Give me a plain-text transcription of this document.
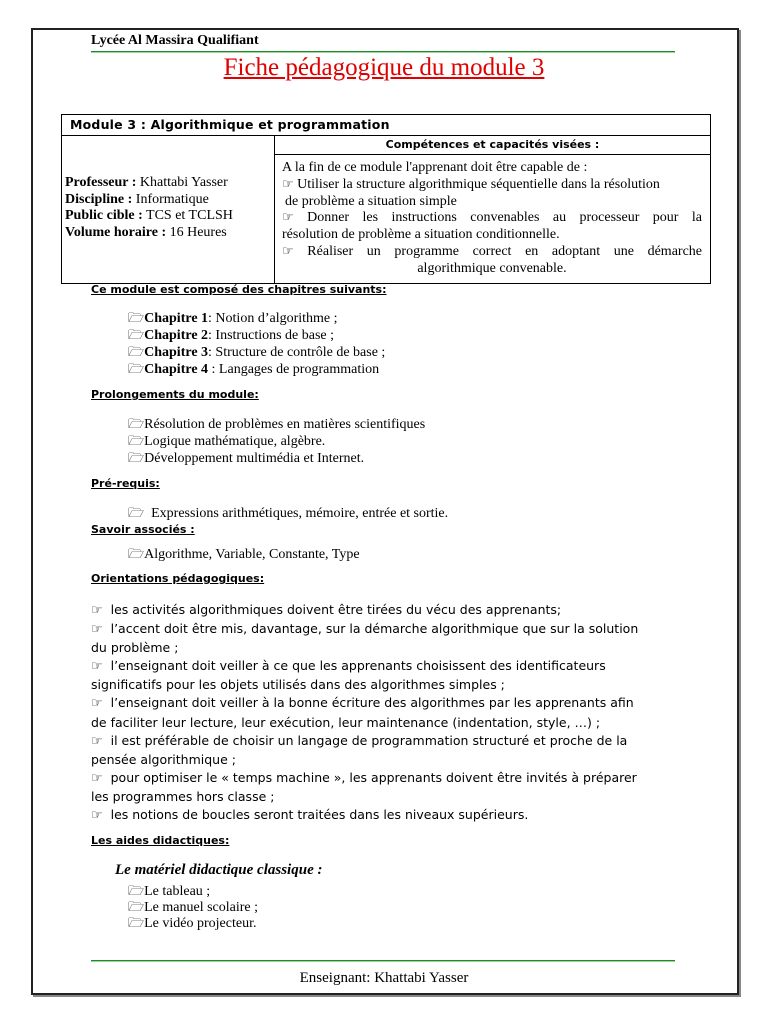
Lycée Al Massira Qualifiant
Fiche pédagogique du module 3
Module 3 : Algorithmique et programmation
Compétences et capacités visées :
Professeur : Khattabi Yasser
Discipline : Informatique
Public cible : TCS et TCLSH
Volume horaire : 16 Heures
A la fin de ce module l'apprenant doit être capable de :
☞ Utiliser la structure algorithmique séquentielle dans la résolution
de problème a situation simple
☞ Donner les instructions convenables au processeur pour la
résolution de problème a situation conditionnelle.
☞ Réaliser un programme correct en adoptant une démarche
algorithmique convenable.
Ce module est composé des chapitres suivants:
🗁Chapitre 1: Notion d’algorithme ;
🗁Chapitre 2: Instructions de base ;
🗁Chapitre 3: Structure de contrôle de base ;
🗁Chapitre 4 : Langages de programmation
Prolongements du module:
🗁Résolution de problèmes en matières scientifiques
🗁Logique mathématique, algèbre.
🗁Développement multimédia et Internet.
Pré-requis:
🗁 Expressions arithmétiques, mémoire, entrée et sortie.
Savoir associés :
🗁Algorithme, Variable, Constante, Type
Orientations pédagogiques:
☞ les activités algorithmiques doivent être tirées du vécu des apprenants;
☞ l’accent doit être mis, davantage, sur la démarche algorithmique que sur la solution
du problème ;
☞ l’enseignant doit veiller à ce que les apprenants choisissent des identificateurs
significatifs pour les objets utilisés dans des algorithmes simples ;
☞ l’enseignant doit veiller à la bonne écriture des algorithmes par les apprenants afin
de faciliter leur lecture, leur exécution, leur maintenance (indentation, style, …) ;
☞ il est préférable de choisir un langage de programmation structuré et proche de la
pensée algorithmique ;
☞ pour optimiser le « temps machine », les apprenants doivent être invités à préparer
les programmes hors classe ;
☞ les notions de boucles seront traitées dans les niveaux supérieurs.
Les aides didactiques:
Le matériel didactique classique :
🗁Le tableau ;
🗁Le manuel scolaire ;
🗁Le vidéo projecteur.
Enseignant: Khattabi Yasser
